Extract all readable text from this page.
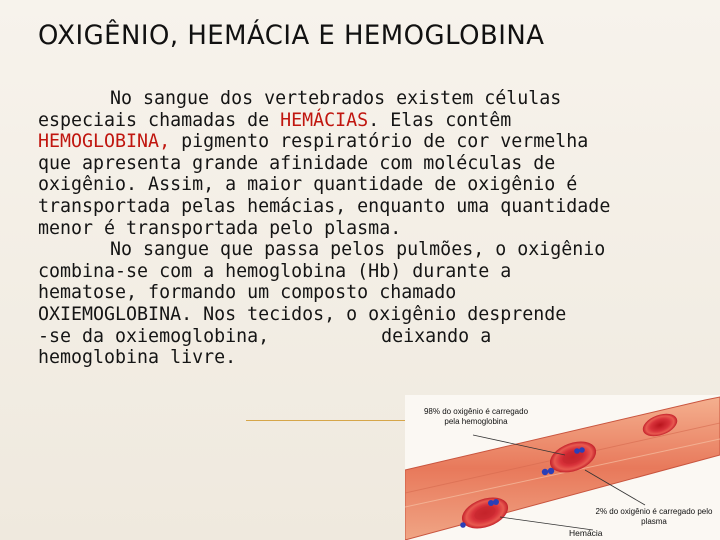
OXIGÊNIO, HEMÁCIA E HEMOGLOBINA
No sangue dos vertebrados existem células
especiais chamadas de HEMÁCIAS. Elas contêm
HEMOGLOBINA, pigmento respiratório de cor vermelha
que apresenta grande afinidade com moléculas de
oxigênio. Assim, a maior quantidade de oxigênio é
transportada pelas hemácias, enquanto uma quantidade
menor é transportada pelo plasma.
No sangue que passa pelos pulmões, o oxigênio
combina-se com a hemoglobina (Hb) durante a
hematose, formando um composto chamado
OXIEMOGLOBINA. Nos tecidos, o oxigênio desprende
-se da oxiemoglobina,	deixando a
hemoglobina livre.
98% do oxigênio é carregado pela hemoglobina
2% do oxigênio é carregado pelo plasma
Hemácia
